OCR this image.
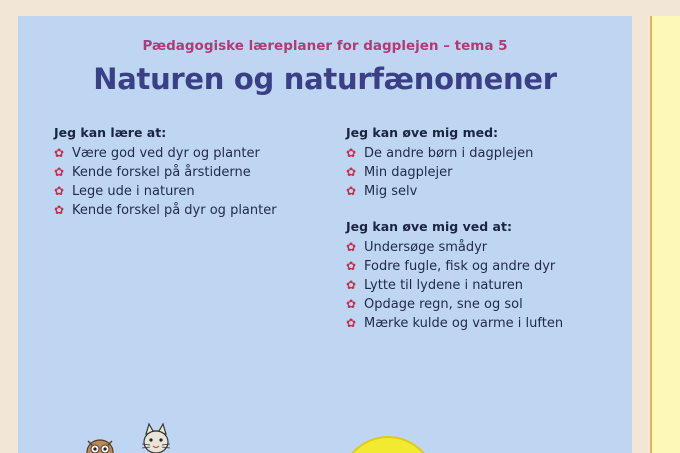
Pædagogiske læreplaner for dagplejen – tema 5
Naturen og naturfænomener
Jeg kan lære at:
✿ Være god ved dyr og planter
✿ Kende forskel på årstiderne
✿ Lege ude i naturen
✿ Kende forskel på dyr og planter
Jeg kan øve mig med:
✿ De andre børn i dagplejen
✿ Min dagplejer
✿ Mig selv
Jeg kan øve mig ved at:
✿ Undersøge smådyr
✿ Fodre fugle, fisk og andre dyr
✿ Lytte til lydene i naturen
✿ Opdage regn, sne og sol
✿ Mærke kulde og varme i luften
